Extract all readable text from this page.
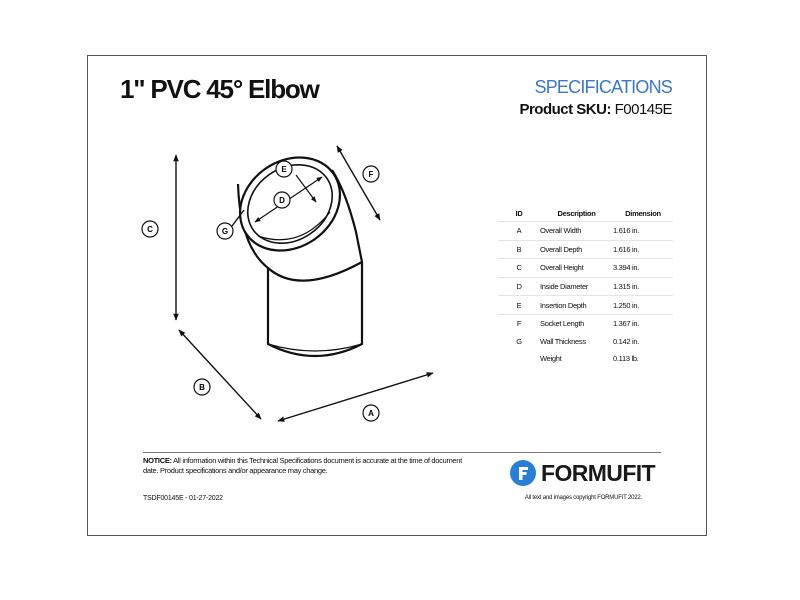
1" PVC 45° Elbow	SPECIFICATIONS
Product SKU: F00145E
A
B
C
D
E
F
G
ID	Description	Dimension
A	Overall Width	1.616 in.
B	Overall Depth	1.616 in.
C	Overall Height	3.394 in.
D	Inside Diameter	1.315 in.
E	Insertion Depth	1.250 in.
F	Socket Length	1.367 in.
G	Wall Thickness	0.142 in.
	Weight	0.113 lb.
NOTICE: All information within this Technical Specifications document is accurate at the time of document date. Product specifications and/or appearance may change.	FORMUFIT
TSDF00145E - 01-27-2022	All text and images copyright FORMUFIT 2022.
